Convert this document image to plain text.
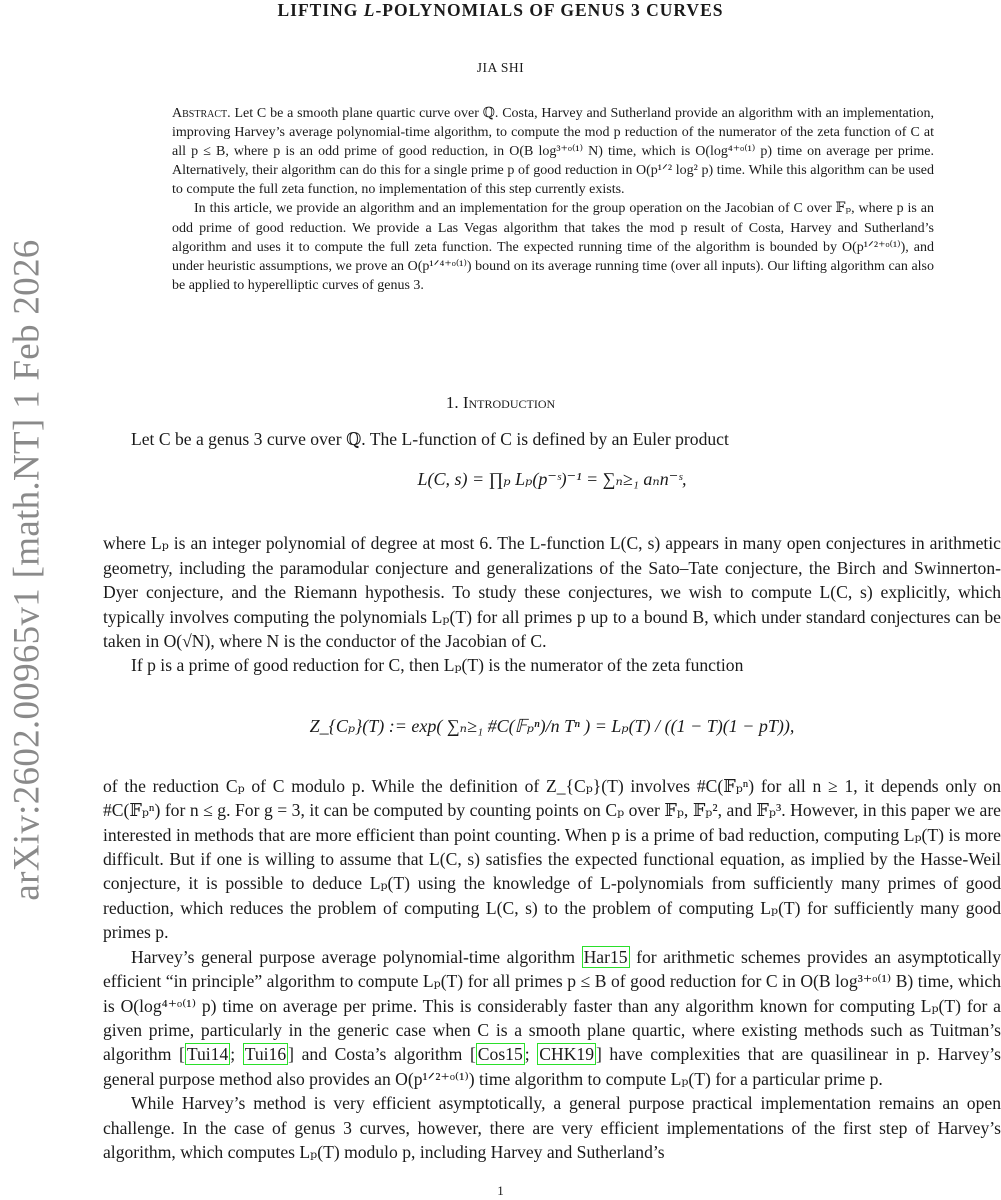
arXiv:2602.00965v1 [math.NT] 1 Feb 2026
LIFTING L-POLYNOMIALS OF GENUS 3 CURVES
JIA SHI

Abstract. Let C be a smooth plane quartic curve over ℚ. Costa, Harvey and Sutherland provide an algorithm with an implementation, improving Harvey’s average polynomial-time algorithm, to compute the mod p reduction of the numerator of the zeta function of C at all p ≤ B, where p is an odd prime of good reduction, in O(B log³⁺ᵒ⁽¹⁾ N) time, which is O(log⁴⁺ᵒ⁽¹⁾ p) time on average per prime. Alternatively, their algorithm can do this for a single prime p of good reduction in O(p¹ᐟ² log² p) time. While this algorithm can be used to compute the full zeta function, no implementation of this step currently exists.

In this article, we provide an algorithm and an implementation for the group operation on the Jacobian of C over 𝔽ₚ, where p is an odd prime of good reduction. We provide a Las Vegas algorithm that takes the mod p result of Costa, Harvey and Sutherland’s algorithm and uses it to compute the full zeta function. The expected running time of the algorithm is bounded by O(p¹ᐟ²⁺ᵒ⁽¹⁾), and under heuristic assumptions, we prove an O(p¹ᐟ⁴⁺ᵒ⁽¹⁾) bound on its average running time (over all inputs). Our lifting algorithm can also be applied to hyperelliptic curves of genus 3.

1. Introduction

Let C be a genus 3 curve over ℚ. The L-function of C is defined by an Euler product

L(C, s) = ∏ₚ Lₚ(p⁻ˢ)⁻¹ = ∑ₙ≥₁ aₙn⁻ˢ,

where Lₚ is an integer polynomial of degree at most 6. The L-function L(C, s) appears in many open conjectures in arithmetic geometry, including the paramodular conjecture and generalizations of the Sato–Tate conjecture, the Birch and Swinnerton-Dyer conjecture, and the Riemann hypothesis. To study these conjectures, we wish to compute L(C, s) explicitly, which typically involves computing the polynomials Lₚ(T) for all primes p up to a bound B, which under standard conjectures can be taken in O(√N), where N is the conductor of the Jacobian of C.

If p is a prime of good reduction for C, then Lₚ(T) is the numerator of the zeta function

Z_{Cₚ}(T) := exp( ∑ₙ≥₁ #C(𝔽ₚⁿ)/n Tⁿ ) = Lₚ(T) / ((1 − T)(1 − pT)),

of the reduction Cₚ of C modulo p. While the definition of Z_{Cₚ}(T) involves #C(𝔽ₚⁿ) for all n ≥ 1, it depends only on #C(𝔽ₚⁿ) for n ≤ g. For g = 3, it can be computed by counting points on Cₚ over 𝔽ₚ, 𝔽ₚ², and 𝔽ₚ³. However, in this paper we are interested in methods that are more efficient than point counting. When p is a prime of bad reduction, computing Lₚ(T) is more difficult. But if one is willing to assume that L(C, s) satisfies the expected functional equation, as implied by the Hasse-Weil conjecture, it is possible to deduce Lₚ(T) using the knowledge of L-polynomials from sufficiently many primes of good reduction, which reduces the problem of computing L(C, s) to the problem of computing Lₚ(T) for sufficiently many good primes p.

Harvey’s general purpose average polynomial-time algorithm Har15 for arithmetic schemes provides an asymptotically efficient “in principle” algorithm to compute Lₚ(T) for all primes p ≤ B of good reduction for C in O(B log³⁺ᵒ⁽¹⁾ B) time, which is O(log⁴⁺ᵒ⁽¹⁾ p) time on average per prime. This is considerably faster than any algorithm known for computing Lₚ(T) for a given prime, particularly in the generic case when C is a smooth plane quartic, where existing methods such as Tuitman’s algorithm [ Tui14 ; Tui16 ] and Costa’s algorithm [ Cos15 ; CHK19 ] have complexities that are quasilinear in p. Harvey’s general purpose method also provides an O(p¹ᐟ²⁺ᵒ⁽¹⁾) time algorithm to compute Lₚ(T) for a particular prime p.

While Harvey’s method is very efficient asymptotically, a general purpose practical implementation remains an open challenge. In the case of genus 3 curves, however, there are very efficient implementations of the first step of Harvey’s algorithm, which computes Lₚ(T) modulo p, including Harvey and Sutherland’s

1
